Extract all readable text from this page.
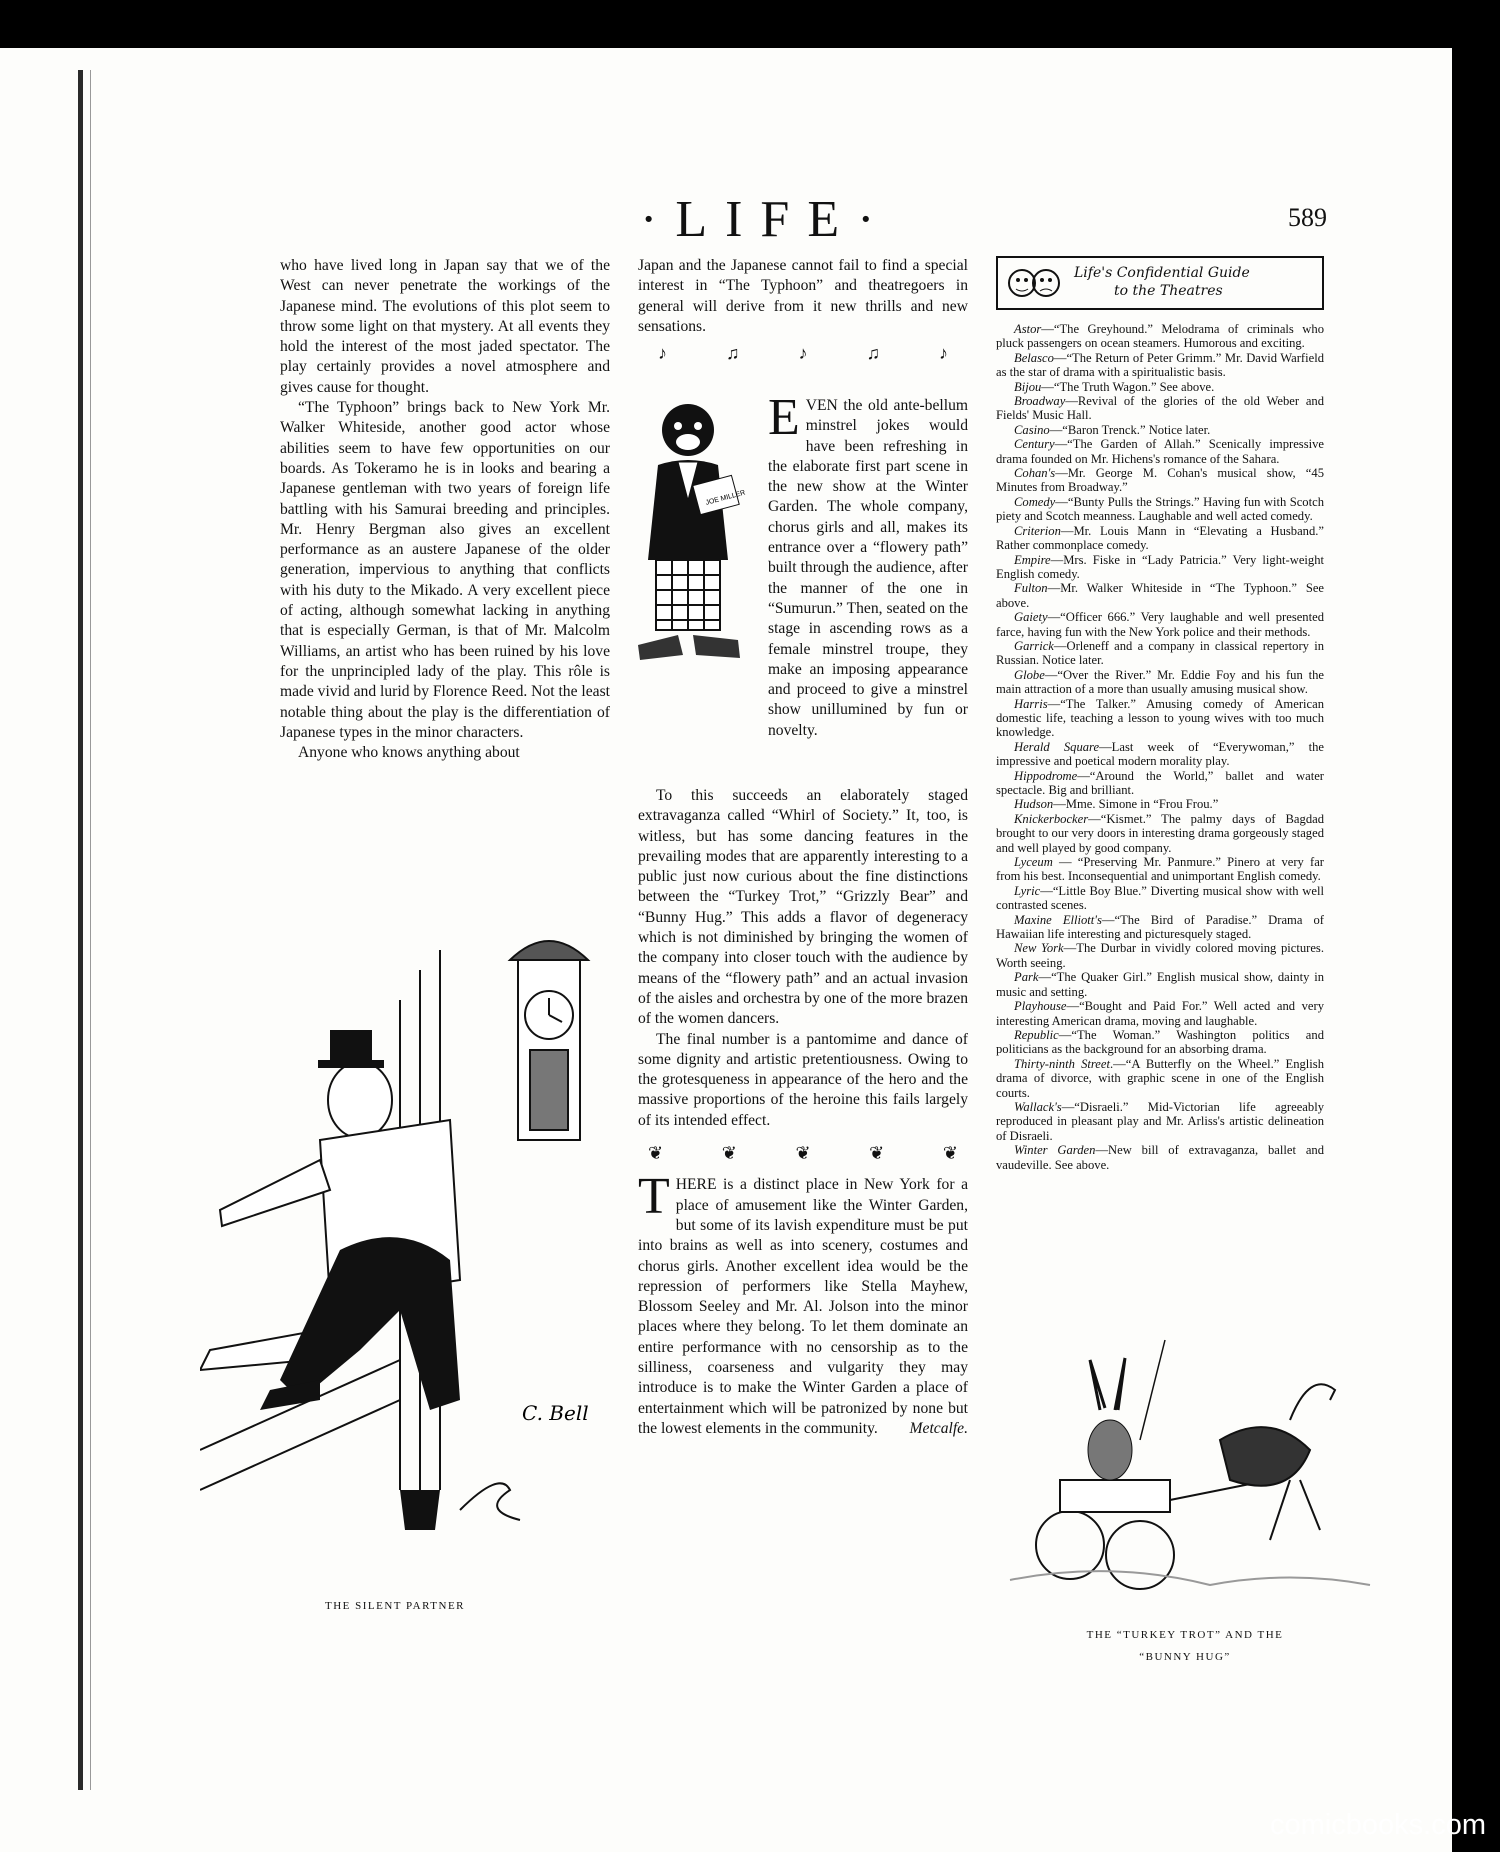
·LIFE·	589

who have lived long in Japan say that we of the West can never penetrate the workings of the Japanese mind. The evolutions of this plot seem to throw some light on that mystery. At all events they hold the interest of the most jaded spectator. The play certainly provides a novel atmosphere and gives cause for thought.

“The Typhoon” brings back to New York Mr. Walker Whiteside, another good actor whose abilities seem to have few opportunities on our boards. As Tokeramo he is in looks and bearing a Japanese gentleman with two years of foreign life battling with his Samurai breeding and principles. Mr. Henry Bergman also gives an excellent performance as an austere Japanese of the older generation, impervious to anything that conflicts with his duty to the Mikado. A very excellent piece of acting, although somewhat lacking in anything that is especially German, is that of Mr. Malcolm Williams, an artist who has been ruined by his love for the unprincipled lady of the play. This rôle is made vivid and lurid by Florence Reed. Not the least notable thing about the play is the differentiation of Japanese types in the minor characters.

Anyone who knows anything about

Japan and the Japanese cannot fail to find a special interest in “The Typhoon” and theatregoers in general will derive from it new thrills and new sensations.

♪	♫	♪	♫	♪
JOE MILLER
E VEN the old ante-bellum minstrel jokes would have been refreshing in the elaborate first part scene in the new show at the Winter Garden. The whole company, chorus girls and all, makes its entrance over a “flowery path” built through the audience, after the manner of the one in “Sumurun.” Then, seated on the stage in ascending rows as a female minstrel troupe, they make an imposing appearance and proceed to give a minstrel show unillumined by fun or novelty.

To this succeeds an elaborately staged extravaganza called “Whirl of Society.” It, too, is witless, but has some dancing features in the prevailing modes that are apparently interesting to a public just now curious about the fine distinctions between the “Turkey Trot,” “Grizzly Bear” and “Bunny Hug.” This adds a flavor of degeneracy which is not diminished by bringing the women of the company into closer touch with the audience by means of the “flowery path” and an actual invasion of the aisles and orchestra by one of the more brazen of the women dancers.

The final number is a pantomime and dance of some dignity and artistic pretentiousness. Owing to the grotesqueness in appearance of the hero and the massive proportions of the heroine this fails largely of its intended effect.

❦	❦	❦	❦	❦

T HERE is a distinct place in New York for a place of amusement like the Winter Garden, but some of its lavish expenditure must be put into brains as well as into scenery, costumes and chorus girls. Another excellent idea would be the repression of performers like Stella Mayhew, Blossom Seeley and Mr. Al. Jolson into the minor places where they belong. To let them dominate an entire performance with no censorship as to the silliness, coarseness and vulgarity they may introduce is to make the Winter Garden a place of entertainment which will be patronized by none but the lowest elements in the community. Metcalfe.

Life's Confidential Guide
to the Theatres

Astor—“The Greyhound.” Melodrama of criminals who pluck passengers on ocean steamers. Humorous and exciting.

Belasco—“The Return of Peter Grimm.” Mr. David Warfield as the star of drama with a spiritualistic basis.

Bijou—“The Truth Wagon.” See above.

Broadway—Revival of the glories of the old Weber and Fields' Music Hall.

Casino—“Baron Trenck.” Notice later.

Century—“The Garden of Allah.” Scenically impressive drama founded on Mr. Hichens's romance of the Sahara.

Cohan's—Mr. George M. Cohan's musical show, “45 Minutes from Broadway.”

Comedy—“Bunty Pulls the Strings.” Having fun with Scotch piety and Scotch meanness. Laughable and well acted comedy.

Criterion—Mr. Louis Mann in “Elevating a Husband.” Rather commonplace comedy.

Empire—Mrs. Fiske in “Lady Patricia.” Very light-weight English comedy.

Fulton—Mr. Walker Whiteside in “The Typhoon.” See above.

Gaiety—“Officer 666.” Very laughable and well presented farce, having fun with the New York police and their methods.

Garrick—Orleneff and a company in classical repertory in Russian. Notice later.

Globe—“Over the River.” Mr. Eddie Foy and his fun the main attraction of a more than usually amusing musical show.

Harris—“The Talker.” Amusing comedy of American domestic life, teaching a lesson to young wives with too much knowledge.

Herald Square—Last week of “Everywoman,” the impressive and poetical modern morality play.

Hippodrome—“Around the World,” ballet and water spectacle. Big and brilliant.

Hudson—Mme. Simone in “Frou Frou.”

Knickerbocker—“Kismet.” The palmy days of Bagdad brought to our very doors in interesting drama gorgeously staged and well played by good company.

Lyceum — “Preserving Mr. Panmure.” Pinero at very far from his best. Inconsequential and unimportant English comedy.

Lyric—“Little Boy Blue.” Diverting musical show with well contrasted scenes.

Maxine Elliott's—“The Bird of Paradise.” Drama of Hawaiian life interesting and picturesquely staged.

New York—The Durbar in vividly colored moving pictures. Worth seeing.

Park—“The Quaker Girl.” English musical show, dainty in music and setting.

Playhouse—“Bought and Paid For.” Well acted and very interesting American drama, moving and laughable.

Republic—“The Woman.” Washington politics and politicians as the background for an absorbing drama.

Thirty-ninth Street.—“A Butterfly on the Wheel.” English drama of divorce, with graphic scene in one of the English courts.

Wallack's—“Disraeli.” Mid-Victorian life agreeably reproduced in pleasant play and Mr. Arliss's artistic delineation of Disraeli.

Winter Garden—New bill of extravaganza, ballet and vaudeville. See above.

C. Bell
THE SILENT PARTNER
THE “TURKEY TROT” AND THE
“BUNNY HUG”
comicbooks.com
